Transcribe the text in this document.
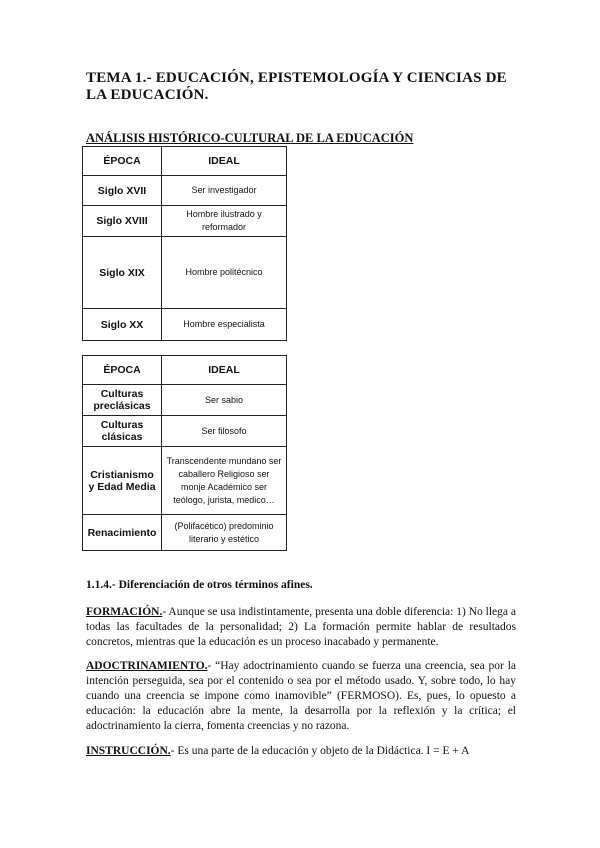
TEMA 1.- EDUCACIÓN, EPISTEMOLOGÍA Y CIENCIAS DE LA EDUCACIÓN.
ANÁLISIS HISTÓRICO-CULTURAL DE LA EDUCACIÓN
ÉPOCA	IDEAL
Siglo XVII	Ser investigador
Siglo XVIII	Hombre ilustrado y reformador
Siglo XIX	Hombre politécnico
Siglo XX	Hombre especialista
ÉPOCA	IDEAL
Culturas preclásicas	Ser sabio
Culturas clásicas	Ser filosofo
Cristianismo y Edad Media	Transcendente mundano ser caballero Religioso ser monje Académico ser teólogo, jurista, medico…
Renacimiento	(Polifacético) predominio literario y estético
1.1.4.- Diferenciación de otros términos afines.
FORMACIÓN.- Aunque se usa indistintamente, presenta una doble diferencia: 1) No llega a todas las facultades de la personalidad; 2) La formación permite hablar de resultados concretos, mientras que la educación es un proceso inacabado y permanente.
ADOCTRINAMIENTO.- “Hay adoctrinamiento cuando se fuerza una creencia, sea por la intención perseguida, sea por el contenido o sea por el método usado. Y, sobre todo, lo hay cuando una creencia se impone como inamovible” (FERMOSO). Es, pues, lo opuesto a educación: la educación abre la mente, la desarrolla por la reflexión y la crítica; el adoctrinamiento la cierra, fomenta creencias y no razona.
INSTRUCCIÓN.- Es una parte de la educación y objeto de la Didáctica. I = E + A
